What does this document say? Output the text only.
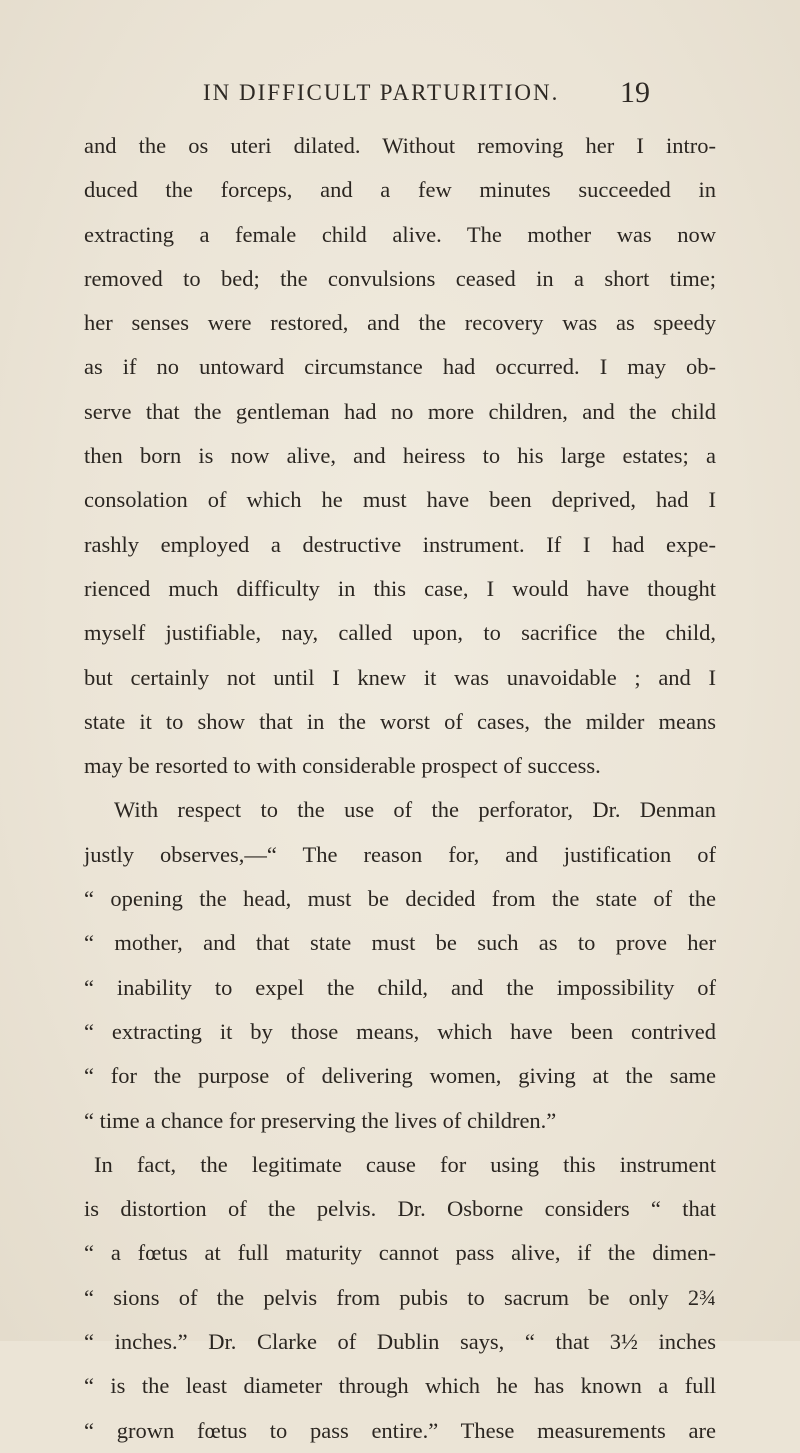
IN DIFFICULT PARTURITION. 19
and the os uteri dilated. Without removing her I intro-
duced the forceps, and a few minutes succeeded in
extracting a female child alive. The mother was now
removed to bed; the convulsions ceased in a short time;
her senses were restored, and the recovery was as speedy
as if no untoward circumstance had occurred. I may ob-
serve that the gentleman had no more children, and the child
then born is now alive, and heiress to his large estates; a
consolation of which he must have been deprived, had I
rashly employed a destructive instrument. If I had expe-
rienced much difficulty in this case, I would have thought
myself justifiable, nay, called upon, to sacrifice the child,
but certainly not until I knew it was unavoidable ; and I
state it to show that in the worst of cases, the milder means
may be resorted to with considerable prospect of success.
With respect to the use of the perforator, Dr. Denman
justly observes,—“ The reason for, and justification of
“ opening the head, must be decided from the state of the
“ mother, and that state must be such as to prove her
“ inability to expel the child, and the impossibility of
“ extracting it by those means, which have been contrived
“ for the purpose of delivering women, giving at the same
“ time a chance for preserving the lives of children.”
In fact, the legitimate cause for using this instrument
is distortion of the pelvis. Dr. Osborne considers “ that
“ a fœtus at full maturity cannot pass alive, if the dimen-
“ sions of the pelvis from pubis to sacrum be only 2¾
“ inches.” Dr. Clarke of Dublin says, “ that 3½ inches
“ is the least diameter through which he has known a full
“ grown fœtus to pass entire.” These measurements are
